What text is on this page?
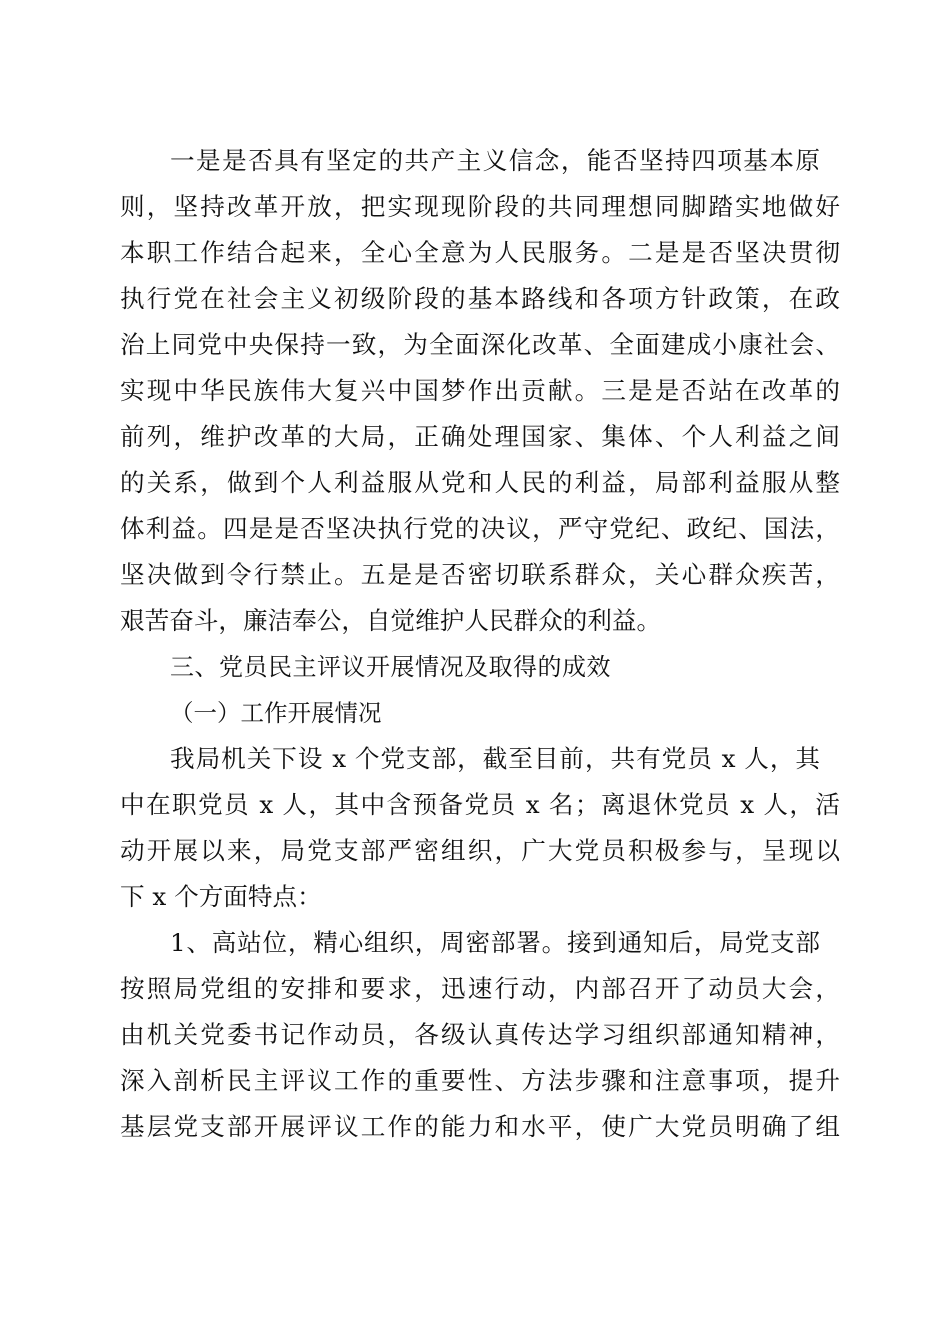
一是是否具有坚定的共产主义信念，能否坚持四项基本原

则，坚持改革开放，把实现现阶段的共同理想同脚踏实地做好

本职工作结合起来，全心全意为人民服务。二是是否坚决贯彻

执行党在社会主义初级阶段的基本路线和各项方针政策，在政

治上同党中央保持一致，为全面深化改革、全面建成小康社会、

实现中华民族伟大复兴中国梦作出贡献。三是是否站在改革的

前列，维护改革的大局，正确处理国家、集体、个人利益之间

的关系，做到个人利益服从党和人民的利益，局部利益服从整

体利益。四是是否坚决执行党的决议，严守党纪、政纪、国法，

坚决做到令行禁止。五是是否密切联系群众，关心群众疾苦，

艰苦奋斗，廉洁奉公，自觉维护人民群众的利益。

三、党员民主评议开展情况及取得的成效

（一）工作开展情况

我局机关下设 x 个党支部，截至目前，共有党员 x 人，其

中在职党员 x 人，其中含预备党员 x 名；离退休党员 x 人，活

动开展以来，局党支部严密组织，广大党员积极参与，呈现以

下 x 个方面特点：

1、高站位，精心组织，周密部署。接到通知后，局党支部

按照局党组的安排和要求，迅速行动，内部召开了动员大会，

由机关党委书记作动员，各级认真传达学习组织部通知精神，

深入剖析民主评议工作的重要性、方法步骤和注意事项，提升

基层党支部开展评议工作的能力和水平，使广大党员明确了组
